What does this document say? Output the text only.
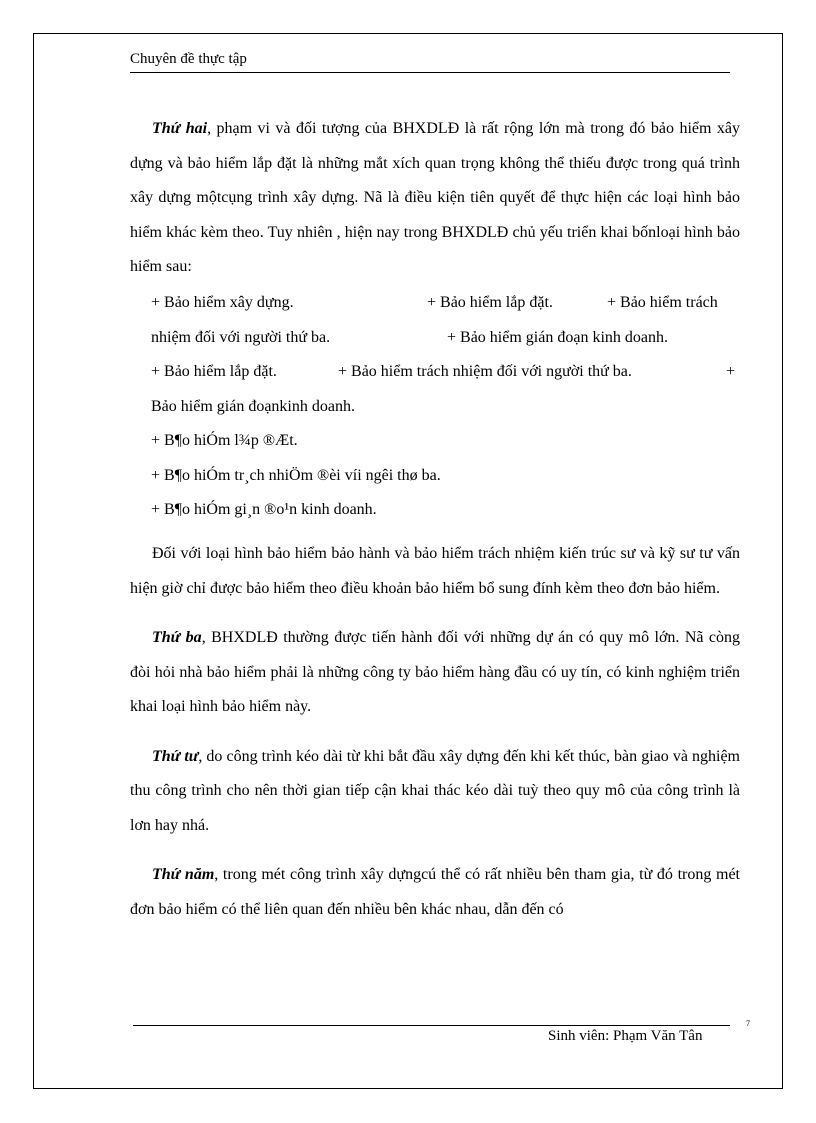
Chuyên đề thực tập

Thứ hai, phạm vi và đối tượng của BHXDLĐ là rất rộng lớn mà trong đó bảo hiểm xây dựng và bảo hiểm lắp đặt là những mắt xích quan trọng không thể thiếu được trong quá trình xây dựng mộtcụng trình xây dựng. Nã là điều kiện tiên quyết để thực hiện các loại hình bảo hiểm khác kèm theo. Tuy nhiên , hiện nay trong BHXDLĐ chủ yếu triển khai bốnloại hình bảo hiểm sau:

+ Bảo hiểm xây dựng.	+ Bảo hiểm lắp đặt.	+ Bảo hiểm trách
nhiệm đối với người thứ ba.	+ Bảo hiểm gián đoạn kinh doanh.
+ Bảo hiểm lắp đặt.	+ Bảo hiểm trách nhiệm đối với người thứ ba.	+
Bảo hiểm gián đoạnkinh doanh.
+ B¶o hiÓm l¾p ®Æt.
+ B¶o hiÓm tr¸ch nhiÖm ®èi víi ngêi thø ba.
+ B¶o hiÓm gi¸n ®o¹n kinh doanh.

Đối với loại hình bảo hiểm bảo hành và bảo hiểm trách nhiệm kiến trúc sư và kỹ sư tư vấn hiện giờ chỉ được bảo hiểm theo điều khoản bảo hiểm bổ sung đính kèm theo đơn bảo hiểm.

Thứ ba, BHXDLĐ thường được tiến hành đối với những dự án có quy mô lớn. Nã còng đòi hỏi nhà bảo hiểm phải là những công ty bảo hiểm hàng đầu có uy tín, có kinh nghiệm triển khai loại hình bảo hiểm này.

Thứ tư, do công trình kéo dài từ khi bắt đầu xây dựng đến khi kết thúc, bàn giao và nghiệm thu công trình cho nên thời gian tiếp cận khai thác kéo dài tuỳ theo quy mô của công trình là lơn hay nhá.

Thứ năm, trong mét công trình xây dựngcú thể có rất nhiều bên tham gia, từ đó trong mét đơn bảo hiểm có thể liên quan đến nhiều bên khác nhau, dẫn đến có

7
Sinh viên: Phạm Văn Tân
